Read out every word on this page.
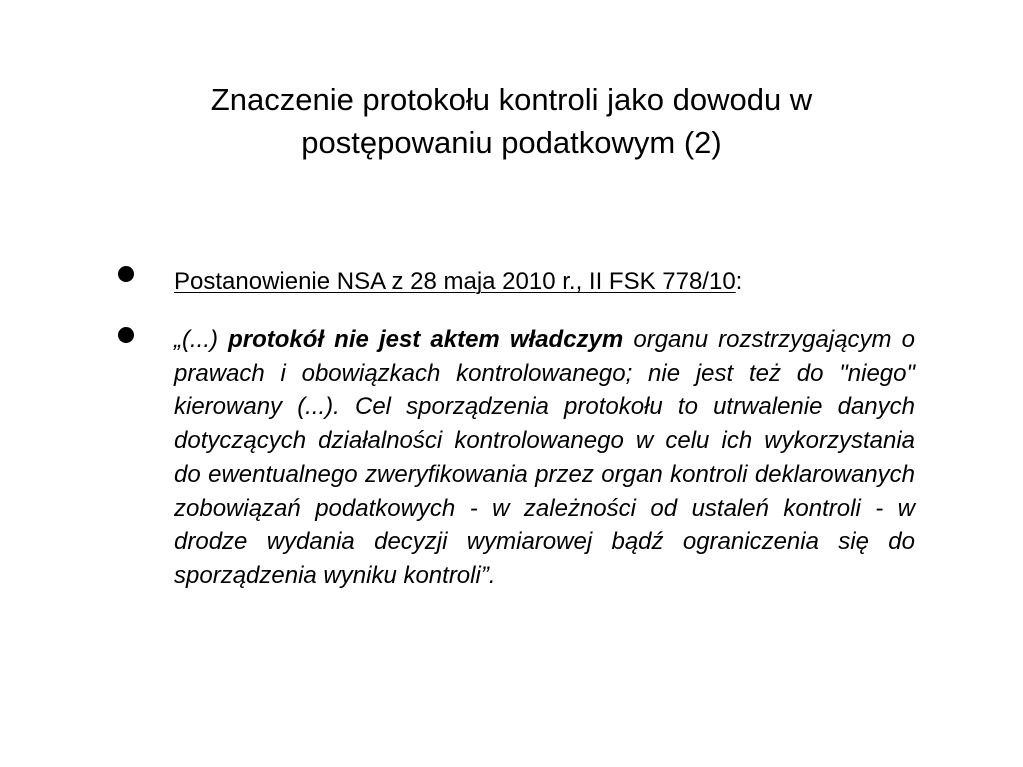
Znaczenie protokołu kontroli jako dowodu w
postępowaniu podatkowym (2)

Postanowienie NSA z 28 maja 2010 r., II FSK 778/10:

„(...) protokół nie jest aktem władczym organu rozstrzygającym o prawach i obowiązkach kontrolowanego; nie jest też do "niego" kierowany (...). Cel sporządzenia protokołu to utrwalenie danych dotyczących działalności kontrolowanego w celu ich wykorzystania do ewentualnego zweryfikowania przez organ kontroli deklarowanych zobowiązań podatkowych - w zależności od ustaleń kontroli - w drodze wydania decyzji wymiarowej bądź ograniczenia się do sporządzenia wyniku kontroli”.
